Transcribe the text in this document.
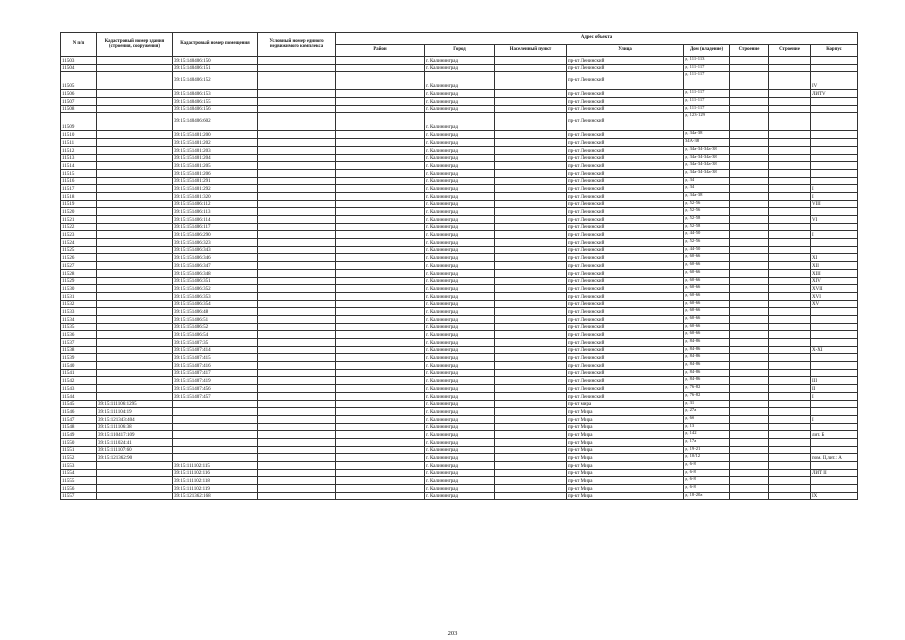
N п/п	Кадастровый номер здания (строения, сооружения)	Кадастровый номер помещения	Условный номер единого недвижимого комплекса	Адрес объекта							
				Район	Город	Населенный пункт	Улица	Дом (владение)	Строение	Строение	Корпус
11503		39:15:140406:150			г. Калининград		пр-кт Ленинский	д. 111-113			
11504		39:15:140406:151			г. Калининград		пр-кт Ленинский	д. 111-117			
11505		39:15:140406:152			г. Калининград		пр-кт Ленинский	д. 111-117			IV
11506		39:15:140406:153			г. Калининград		пр-кт Ленинский	д. 111-117			ЛИТV
11507		39:15:140406:155			г. Калининград		пр-кт Ленинский	д. 111-117			
11508		39:15:140406:156			г. Калининград		пр-кт Ленинский	д. 111-117			
11509		39:15:140406:602			г. Калининград		пр-кт Ленинский	д. 123-129			
11510		39:15:151401:200			г. Калининград		пр-кт Ленинский	д. 34а-38			
11511		39:15:151401:202			г. Калининград		пр-кт Ленинский	34А-38			
11512		39:15:151401:203			г. Калининград		пр-кт Ленинский	д. 34а-34-34а-38			
11513		39:15:151401:204			г. Калининград		пр-кт Ленинский	д. 34а-34-34а-38			
11514		39:15:151401:205			г. Калининград		пр-кт Ленинский	д. 34а-34-34а-38			
11515		39:15:151401:206			г. Калининград		пр-кт Ленинский	д. 34а-34-34а-38			
11516		39:15:151401:291			г. Калининград		пр-кт Ленинский	д. 34			
11517		39:15:151401:292			г. Калининград		пр-кт Ленинский	д. 34			I
11518		39:15:151401:320			г. Калининград		пр-кт Ленинский	д. 34а-38			I
11519		39:15:151406:112			г. Калининград		пр-кт Ленинский	д. 52-56			VIII
11520		39:15:151406:113			г. Калининград		пр-кт Ленинский	д. 52-56			
11521		39:15:151406:114			г. Калининград		пр-кт Ленинский	д. 52-58			VI
11522		39:15:151406:117			г. Калининград		пр-кт Ленинский	д. 52-58			
11523		39:15:151406:290			г. Калининград		пр-кт Ленинский	д. 44-50			I
11524		39:15:151406:323			г. Калининград		пр-кт Ленинский	д. 52-56			
11525		39:15:151406:343			г. Калининград		пр-кт Ленинский	д. 44-50			
11526		39:15:151406:346			г. Калининград		пр-кт Ленинский	д. 60-66			XI
11527		39:15:151406:347			г. Калининград		пр-кт Ленинский	д. 60-66			XII
11528		39:15:151406:348			г. Калининград		пр-кт Ленинский	д. 60-66			XIII
11529		39:15:151406:351			г. Калининград		пр-кт Ленинский	д. 60-66			XIV
11530		39:15:151406:352			г. Калининград		пр-кт Ленинский	д. 60-66			XVII
11531		39:15:151406:353			г. Калининград		пр-кт Ленинский	д. 60-66			XVI
11532		39:15:151406:354			г. Калининград		пр-кт Ленинский	д. 60-66			XV
11533		39:15:151406:48			г. Калининград		пр-кт Ленинский	д. 60-66			
11534		39:15:151406:51			г. Калининград		пр-кт Ленинский	д. 60-66			
11535		39:15:151406:52			г. Калининград		пр-кт Ленинский	д. 60-66			
11536		39:15:151406:54			г. Калининград		пр-кт Ленинский	д. 60-66			
11537		39:15:151407:35			г. Калининград		пр-кт Ленинский	д. 84-86			
11538		39:15:151407:414			г. Калининград		пр-кт Ленинский	д. 84-86			X-XI
11539		39:15:151407:415			г. Калининград		пр-кт Ленинский	д. 84-86			
11540		39:15:151407:416			г. Калининград		пр-кт Ленинский	д. 84-86			
11541		39:15:151407:417			г. Калининград		пр-кт Ленинский	д. 84-86			
11542		39:15:151407:419			г. Калининград		пр-кт Ленинский	д. 84-86			III
11543		39:15:151407:456			г. Калининград		пр-кт Ленинский	д. 76-82			II
11544		39:15:151407:457			г. Калининград		пр-кт Ленинский	д. 76-82			I
11545	39:15:111106:1295				г. Калининград		пр-кт мира	д. 31			
11546	39:15:111104:19				г. Калининград		пр-кт Мира	д. 27а			
11547	39:15:121343:404				г. Калининград		пр-кт Мира	д. 6б			I
11548	39:15:111106:38				г. Калининград		пр-кт Мира	д. 13			
11549	39:15:110417:109				г. Калининград		пр-кт Мира	д. 142			лит. Б
11550	39:15:111024:41				г. Калининград		пр-кт Мира	д. 17а			
11551	39:15:111107:60				г. Калининград		пр-кт Мира	д. 19-21			
11552	39:15:121362:90				г. Калининград		пр-кт Мира	д. 10/12			пом. II,лит.: А
11553		39:15:111102:115			г. Калининград		пр-кт Мира	д. 6-8			
11554		39:15:111102:116			г. Калининград		пр-кт Мира	д. 6-8			ЛИТ II
11555		39:15:111102:118			г. Калининград		пр-кт Мира	д. 6-8			
11556		39:15:111102:119			г. Калининград		пр-кт Мира	д. 6-8			
11557		39:15:121362:168			г. Калининград		пр-кт Мира	д. 18-20а			IX
203
